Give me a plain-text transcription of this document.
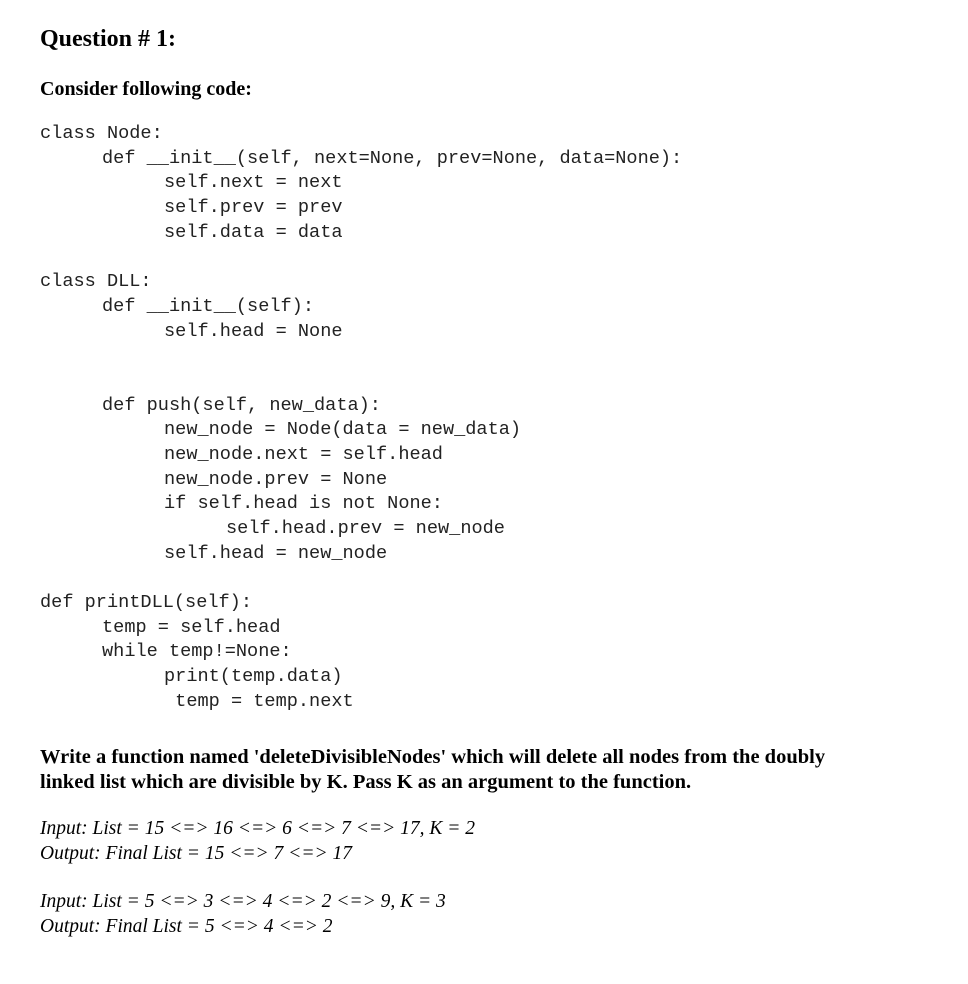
Question # 1:
Consider following code:
class Node:
def __init__(self, next=None, prev=None, data=None):
self.next = next
self.prev = prev
self.data = data
class DLL:
def __init__(self):
self.head = None
def push(self, new_data):
new_node = Node(data = new_data)
new_node.next = self.head
new_node.prev = None
if self.head is not None:
self.head.prev = new_node
self.head = new_node
def printDLL(self):
temp = self.head
while temp!=None:
print(temp.data)
temp = temp.next
Write a function named 'deleteDivisibleNodes' which will delete all nodes from the doubly
linked list which are divisible by K. Pass K as an argument to the function.
Input: List = 15 <=> 16 <=> 6 <=> 7 <=> 17, K = 2
Output: Final List = 15 <=> 7 <=> 17
Input: List = 5 <=> 3 <=> 4 <=> 2 <=> 9, K = 3
Output: Final List = 5 <=> 4 <=> 2
